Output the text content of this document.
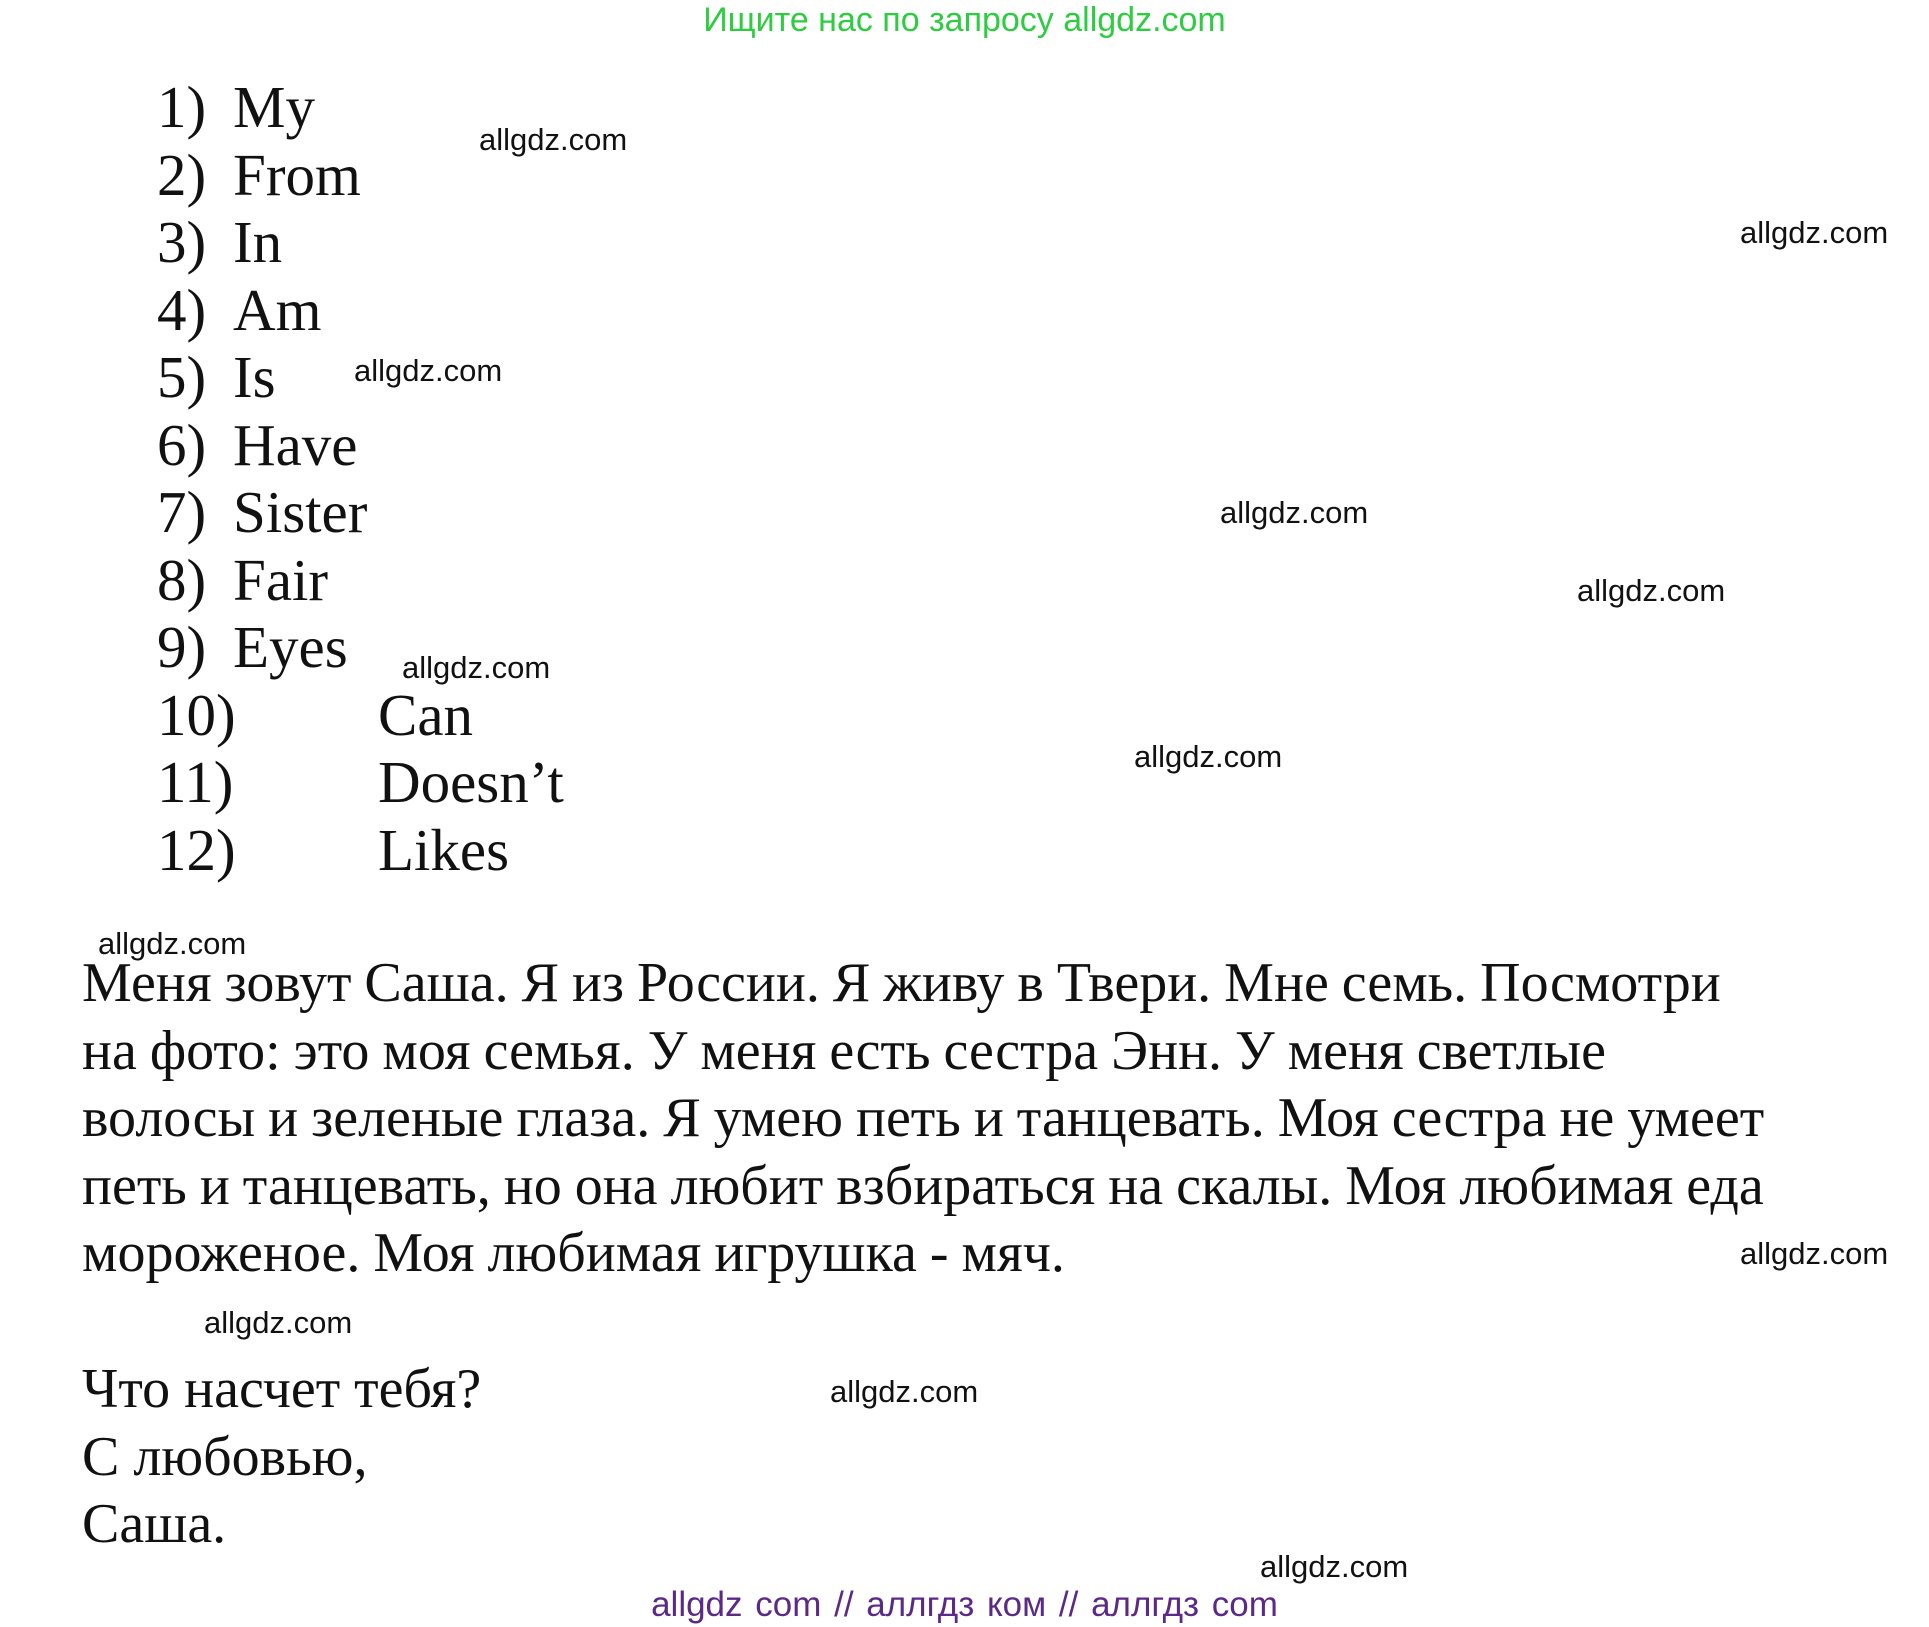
Ищите нас по запросу allgdz.com
1) My
2) From
3) In
4) Am
5) Is
6) Have
7) Sister
8) Fair
9) Eyes
10) Can
11) Doesn’t
12) Likes

Меня зовут Саша. Я из России. Я живу в Твери. Мне семь. Посмотри
на фото: это моя семья. У меня есть сестра Энн. У меня светлые
волосы и зеленые глаза. Я умею петь и танцевать. Моя сестра не умеет
петь и танцевать, но она любит взбираться на скалы. Моя любимая еда
мороженое. Моя любимая игрушка - мяч.

Что насчет тебя?
С любовью,
Саша.
allgdz.com
allgdz.com
allgdz.com
allgdz.com
allgdz.com
allgdz.com
allgdz.com
allgdz.com
allgdz.com
allgdz.com
allgdz.com
allgdz.com
allgdz com // аллгдз ком // аллгдз com
